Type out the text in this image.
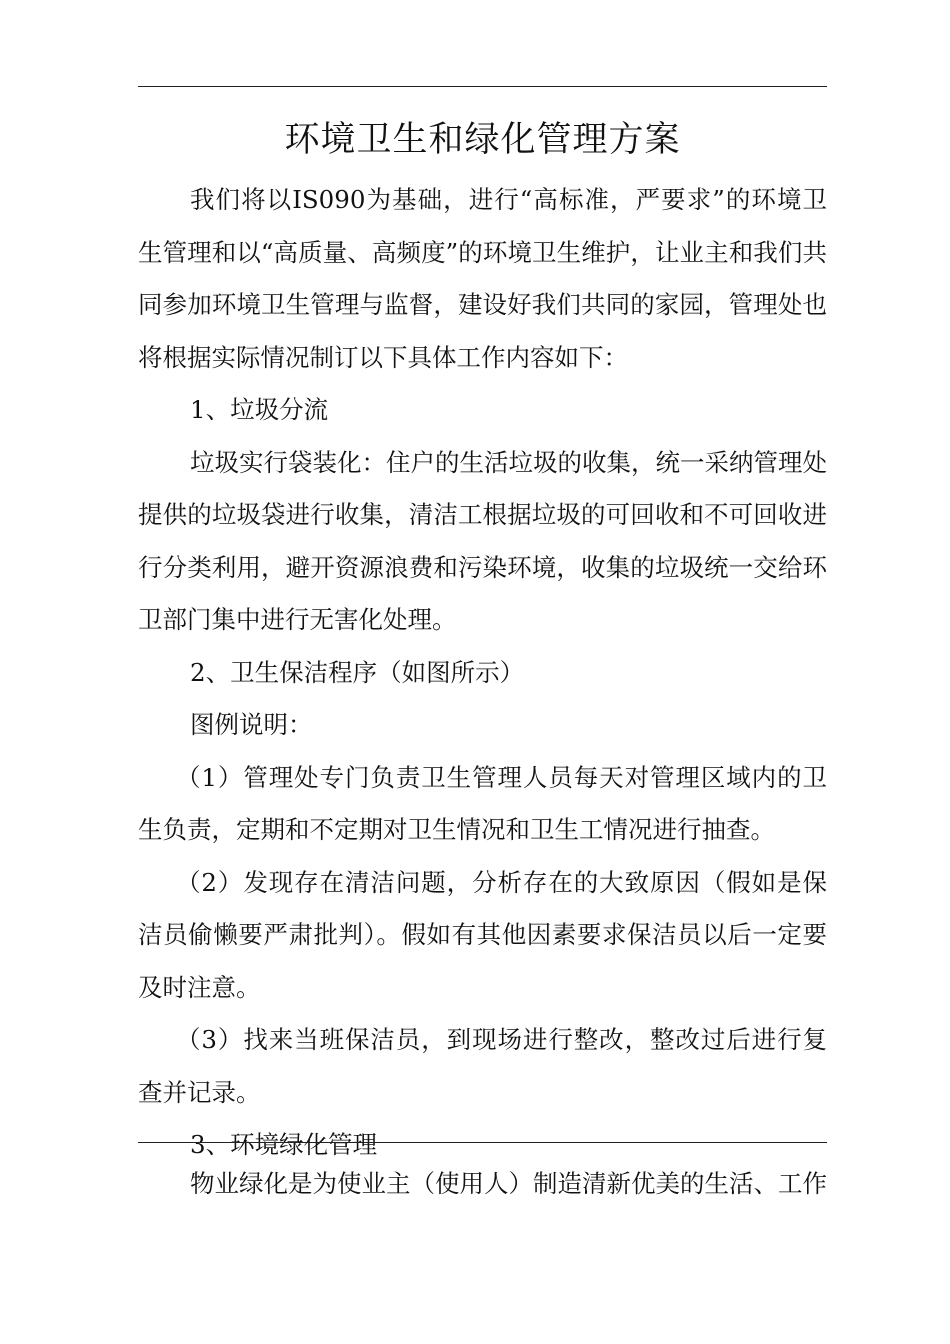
环境卫生和绿化管理方案

我们将以IS090为基础，进行“高标准，严要求”的环境卫生管理和以“高质量、高频度”的环境卫生维护，让业主和我们共同参加环境卫生管理与监督，建设好我们共同的家园，管理处也将根据实际情况制订以下具体工作内容如下：

1、垃圾分流

垃圾实行袋装化：住户的生活垃圾的收集，统一采纳管理处提供的垃圾袋进行收集，清洁工根据垃圾的可回收和不可回收进行分类利用，避开资源浪费和污染环境，收集的垃圾统一交给环卫部门集中进行无害化处理。

2、卫生保洁程序（如图所示）

图例说明：

（1）管理处专门负责卫生管理人员每天对管理区域内的卫生负责，定期和不定期对卫生情况和卫生工情况进行抽查。

（2）发现存在清洁问题，分析存在的大致原因（假如是保洁员偷懒要严肃批判）。假如有其他因素要求保洁员以后一定要及时注意。

（3）找来当班保洁员，到现场进行整改，整改过后进行复查并记录。

3、环境绿化管理

物业绿化是为使业主（使用人）制造清新优美的生活、工作
